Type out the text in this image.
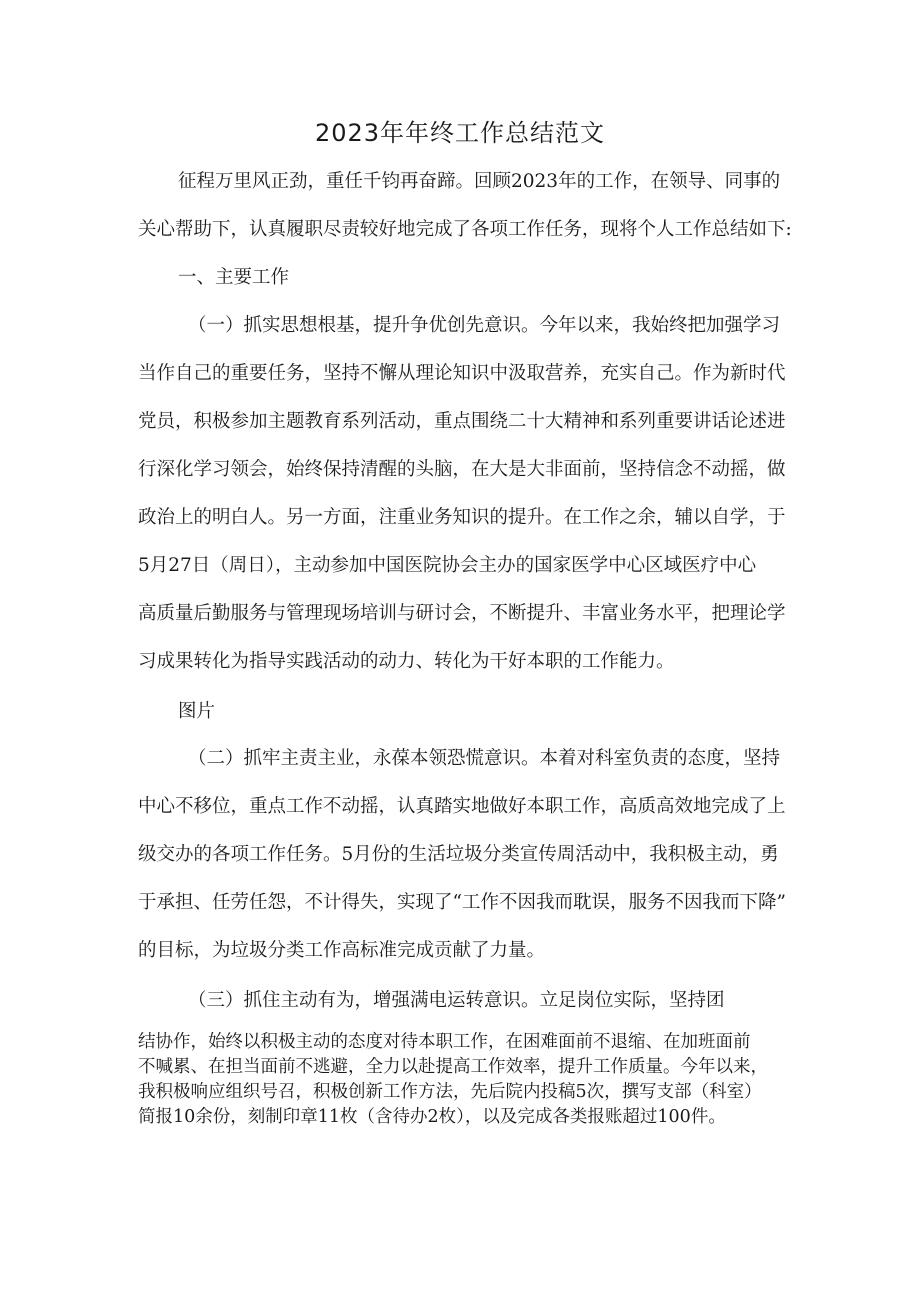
2023年年终工作总结范文

征程万里风正劲，重任千钧再奋蹄。回顾2023年的工作，在领导、同事的

关心帮助下，认真履职尽责较好地完成了各项工作任务，现将个人工作总结如下:

一、主要工作

（一）抓实思想根基，提升争优创先意识。今年以来，我始终把加强学习

当作自己的重要任务，坚持不懈从理论知识中汲取营养，充实自己。作为新时代

党员，积极参加主题教育系列活动，重点围绕二十大精神和系列重要讲话论述进

行深化学习领会，始终保持清醒的头脑，在大是大非面前，坚持信念不动摇，做

政治上的明白人。另一方面，注重业务知识的提升。在工作之余，辅以自学，于

5月27日（周日），主动参加中国医院协会主办的国家医学中心区域医疗中心

高质量后勤服务与管理现场培训与研讨会，不断提升、丰富业务水平，把理论学

习成果转化为指导实践活动的动力、转化为干好本职的工作能力。

图片

（二）抓牢主责主业，永葆本领恐慌意识。本着对科室负责的态度，坚持

中心不移位，重点工作不动摇，认真踏实地做好本职工作，高质高效地完成了上

级交办的各项工作任务。5月份的生活垃圾分类宣传周活动中，我积极主动，勇

于承担、任劳任怨，不计得失，实现了“工作不因我而耽误，服务不因我而下降”

的目标，为垃圾分类工作高标准完成贡献了力量。

（三）抓住主动有为，增强满电运转意识。立足岗位实际，坚持团

结协作，始终以积极主动的态度对待本职工作，在困难面前不退缩、在加班面前

不喊累、在担当面前不逃避，全力以赴提高工作效率，提升工作质量。今年以来，

我积极响应组织号召，积极创新工作方法，先后院内投稿5次，撰写支部（科室）

简报10余份，刻制印章11枚（含待办2枚），以及完成各类报账超过100件。
